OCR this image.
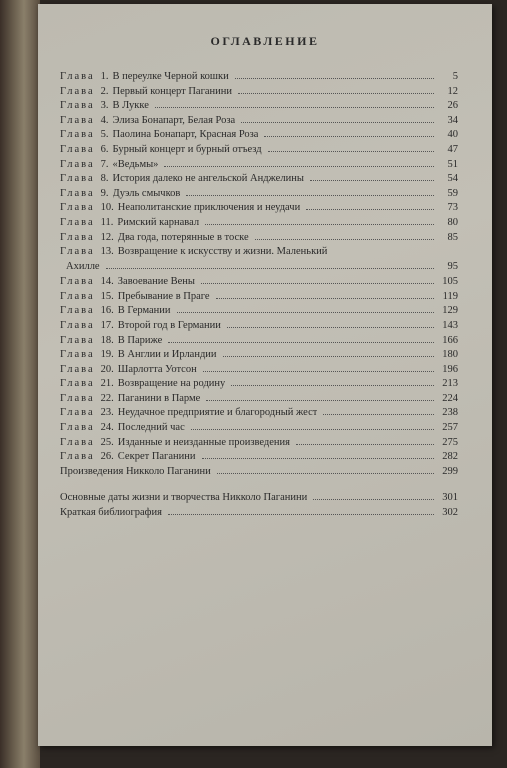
ОГЛАВЛЕНИЕ
Глава 1. В переулке Черной кошки	5
Глава 2. Первый концерт Паганини	12
Глава 3. В Лукке	26
Глава 4. Элиза Бонапарт, Белая Роза	34
Глава 5. Паолина Бонапарт, Красная Роза	40
Глава 6. Бурный концерт и бурный отъезд	47
Глава 7. «Ведьмы»	51
Глава 8. История далеко не ангельской Анджелины	54
Глава 9. Дуэль смычков	59
Глава 10. Неаполитанские приключения и неудачи	73
Глава 11. Римский карнавал	80
Глава 12. Два года, потерянные в тоске	85
Глава 13. Возвращение к искусству и жизни. Маленький
Ахилле	95
Глава 14. Завоевание Вены	105
Глава 15. Пребывание в Праге	119
Глава 16. В Германии	129
Глава 17. Второй год в Германии	143
Глава 18. В Париже	166
Глава 19. В Англии и Ирландии	180
Глава 20. Шарлотта Уотсон	196
Глава 21. Возвращение на родину	213
Глава 22. Паганини в Парме	224
Глава 23. Неудачное предприятие и благородный жест	238
Глава 24. Последний час	257
Глава 25. Изданные и неизданные произведения	275
Глава 26. Секрет Паганини	282
Произведения Никколо Паганини	299
Основные даты жизни и творчества Никколо Паганини	301
Краткая библиография	302
